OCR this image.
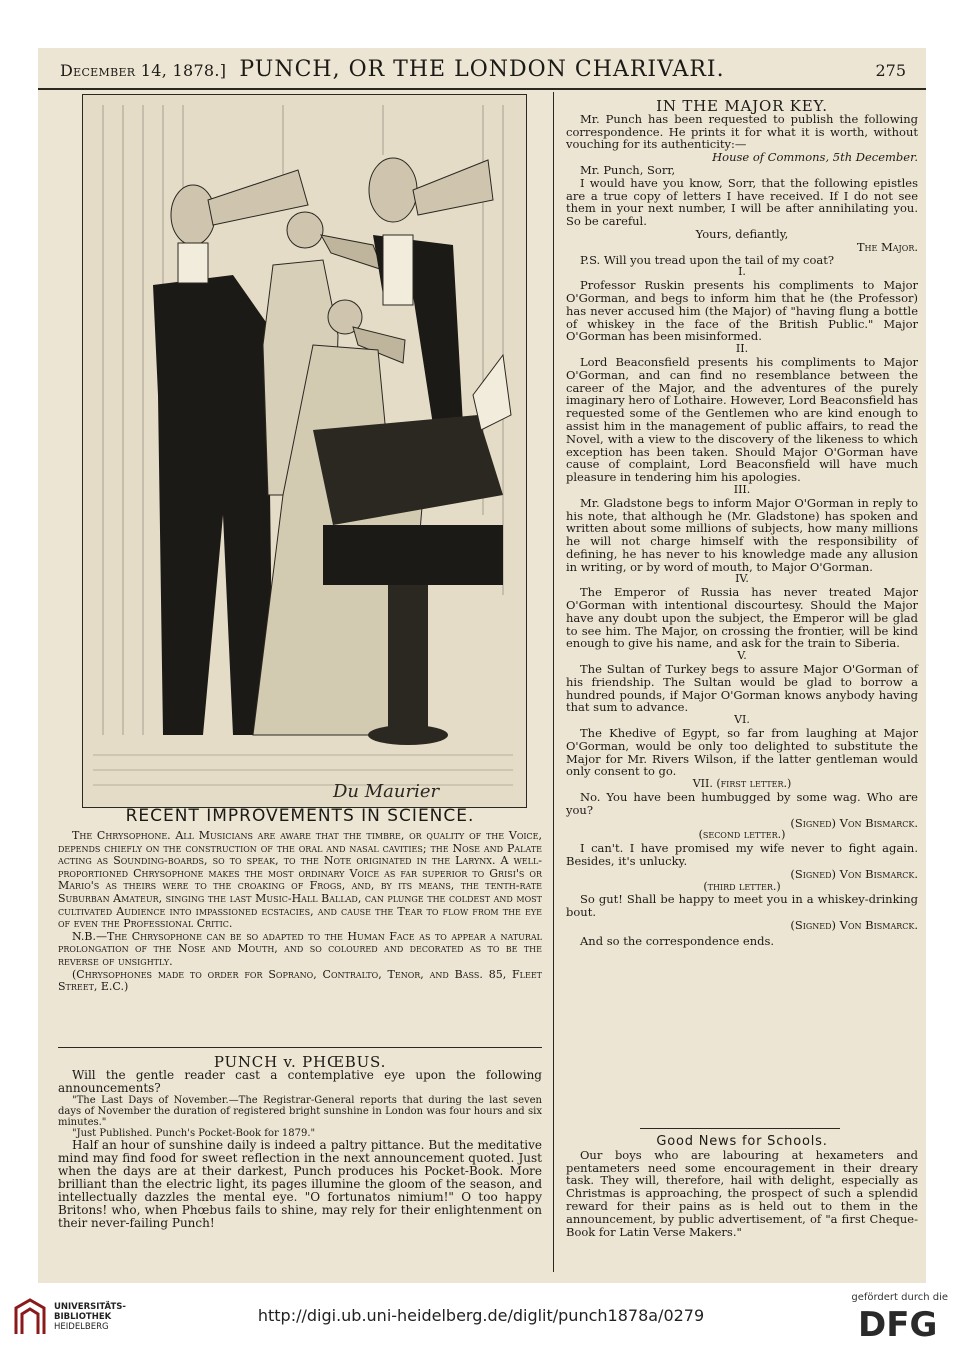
December 14, 1878.] PUNCH, OR THE LONDON CHARIVARI.	275
Du Maurier
RECENT IMPROVEMENTS IN SCIENCE.

The Chrysophone. All Musicians are aware that the timbre, or quality of the Voice, depends chiefly on the construction of the oral and nasal cavities; the Nose and Palate acting as Sounding-boards, so to speak, to the Note originated in the Larynx. A well-proportioned Chrysophone makes the most ordinary Voice as far superior to Grisi's or Mario's as theirs were to the croaking of Frogs, and, by its means, the tenth-rate Suburban Amateur, singing the last Music-Hall Ballad, can plunge the coldest and most cultivated Audience into impassioned ecstacies, and cause the Tear to flow from the eye of even the Professional Critic.

N.B.—The Chrysophone can be so adapted to the Human Face as to appear a natural prolongation of the Nose and Mouth, and so coloured and decorated as to be the reverse of unsightly.

(Chrysophones made to order for Soprano, Contralto, Tenor, and Bass. 85, Fleet Street, E.C.)

PUNCH v. PHŒBUS.

Will the gentle reader cast a contemplative eye upon the following announcements?

"The Last Days of November.—The Registrar-General reports that during the last seven days of November the duration of registered bright sunshine in London was four hours and six minutes."

"Just Published. Punch's Pocket-Book for 1879."

Half an hour of sunshine daily is indeed a paltry pittance. But the meditative mind may find food for sweet reflection in the next announcement quoted. Just when the days are at their darkest, Punch produces his Pocket-Book. More brilliant than the electric light, its pages illumine the gloom of the season, and intellectually dazzles the mental eye. "O fortunatos nimium!" O too happy Britons! who, when Phœbus fails to shine, may rely for their enlightenment on their never-failing Punch!

IN THE MAJOR KEY.

Mr. Punch has been requested to publish the following correspondence. He prints it for what it is worth, without vouching for its authenticity:—

House of Commons, 5th December.

Mr. Punch, Sorr,

I would have you know, Sorr, that the following epistles are a true copy of letters I have received. If I do not see them in your next number, I will be after annihilating you. So be careful.

Yours, defiantly,

The Major.

P.S. Will you tread upon the tail of my coat?

I.

Professor Ruskin presents his compliments to Major O'Gorman, and begs to inform him that he (the Professor) has never accused him (the Major) of "having flung a bottle of whiskey in the face of the British Public." Major O'Gorman has been misinformed.

II.

Lord Beaconsfield presents his compliments to Major O'Gorman, and can find no resemblance between the career of the Major, and the adventures of the purely imaginary hero of Lothaire. However, Lord Beaconsfield has requested some of the Gentlemen who are kind enough to assist him in the management of public affairs, to read the Novel, with a view to the discovery of the likeness to which exception has been taken. Should Major O'Gorman have cause of complaint, Lord Beaconsfield will have much pleasure in tendering him his apologies.

III.

Mr. Gladstone begs to inform Major O'Gorman in reply to his note, that although he (Mr. Gladstone) has spoken and written about some millions of subjects, how many millions he will not charge himself with the responsibility of defining, he has never to his knowledge made any allusion in writing, or by word of mouth, to Major O'Gorman.

IV.

The Emperor of Russia has never treated Major O'Gorman with intentional discourtesy. Should the Major have any doubt upon the subject, the Emperor will be glad to see him. The Major, on crossing the frontier, will be kind enough to give his name, and ask for the train to Siberia.

V.

The Sultan of Turkey begs to assure Major O'Gorman of his friendship. The Sultan would be glad to borrow a hundred pounds, if Major O'Gorman knows anybody having that sum to advance.

VI.

The Khedive of Egypt, so far from laughing at Major O'Gorman, would be only too delighted to substitute the Major for Mr. Rivers Wilson, if the latter gentleman would only consent to go.

VII. (first letter.)

No. You have been humbugged by some wag. Who are you?

(Signed) Von Bismarck.

(second letter.)

I can't. I have promised my wife never to fight again. Besides, it's unlucky.

(Signed) Von Bismarck.

(third letter.)

So gut! Shall be happy to meet you in a whiskey-drinking bout.

(Signed) Von Bismarck.

And so the correspondence ends.

Good News for Schools.

Our boys who are labouring at hexameters and pentameters need some encouragement in their dreary task. They will, therefore, hail with delight, especially as Christmas is approaching, the prospect of such a splendid reward for their pains as is held out to them in the announcement, by public advertisement, of "a first Cheque-Book for Latin Verse Makers."

UNIVERSITÄTS-
BIBLIOTHEK
HEIDELBERG
http://digi.ub.uni-heidelberg.de/diglit/punch1878a/0279
gefördert durch die
DFG
